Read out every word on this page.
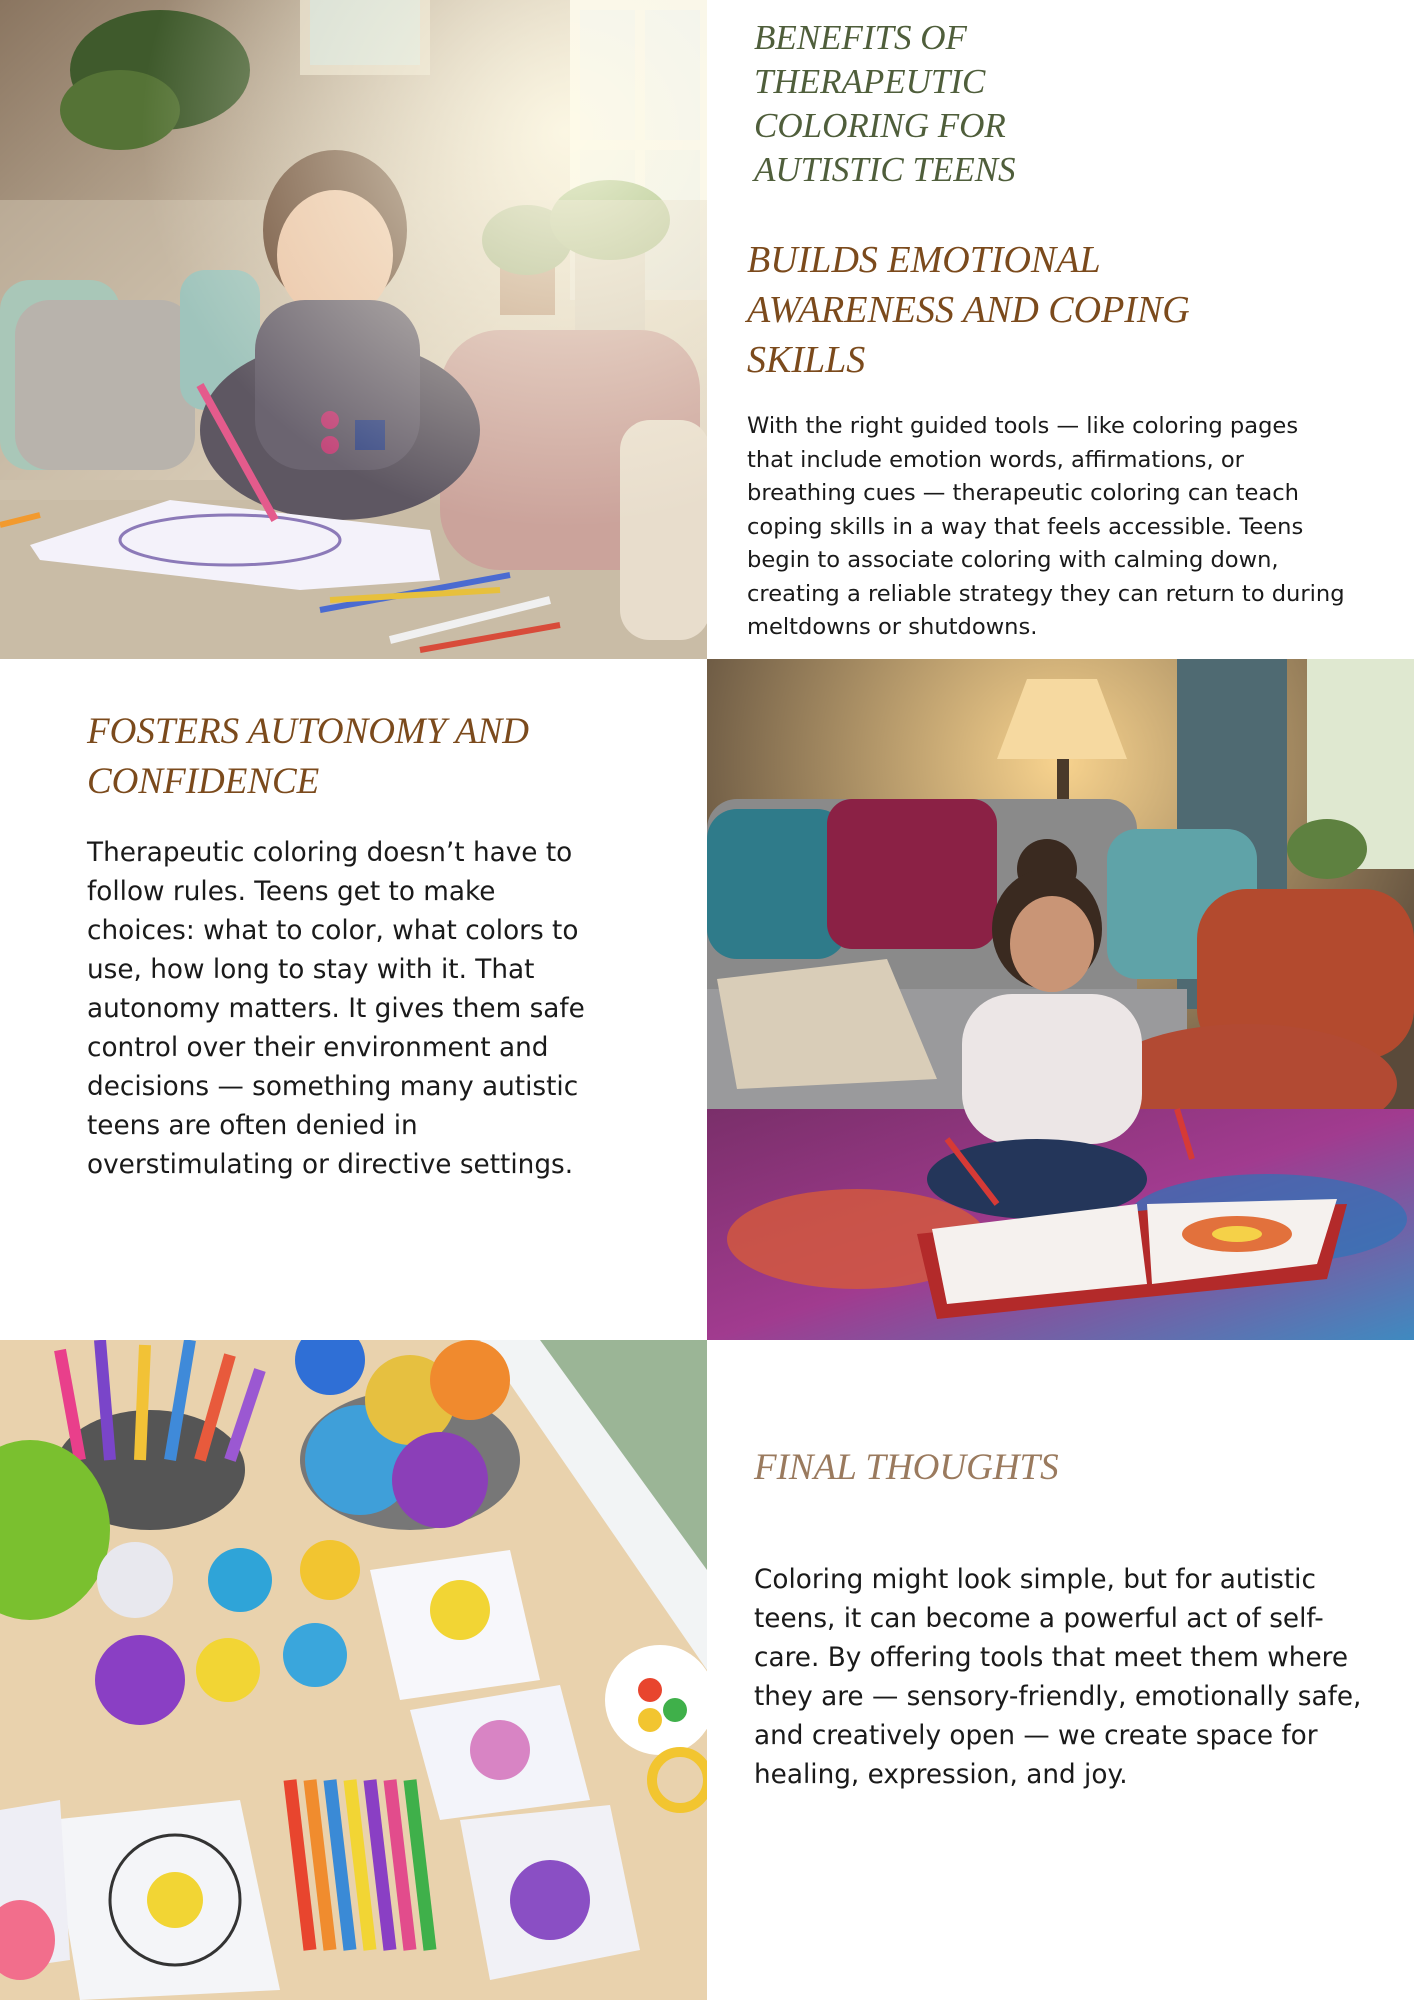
BENEFITS OF THERAPEUTIC COLORING FOR AUTISTIC TEENS
BUILDS EMOTIONAL AWARENESS AND COPING SKILLS

With the right guided tools — like coloring pages that include emotion words, affirmations, or breathing cues — therapeutic coloring can teach coping skills in a way that feels accessible. Teens begin to associate coloring with calming down, creating a reliable strategy they can return to during meltdowns or shutdowns.

FOSTERS AUTONOMY AND CONFIDENCE

Therapeutic coloring doesn’t have to follow rules. Teens get to make choices: what to color, what colors to use, how long to stay with it. That autonomy matters. It gives them safe control over their environment and decisions — something many autistic teens are often denied in overstimulating or directive settings.

FINAL THOUGHTS

Coloring might look simple, but for autistic teens, it can become a powerful act of self-care. By offering tools that meet them where they are — sensory-friendly, emotionally safe, and creatively open — we create space for healing, expression, and joy.
